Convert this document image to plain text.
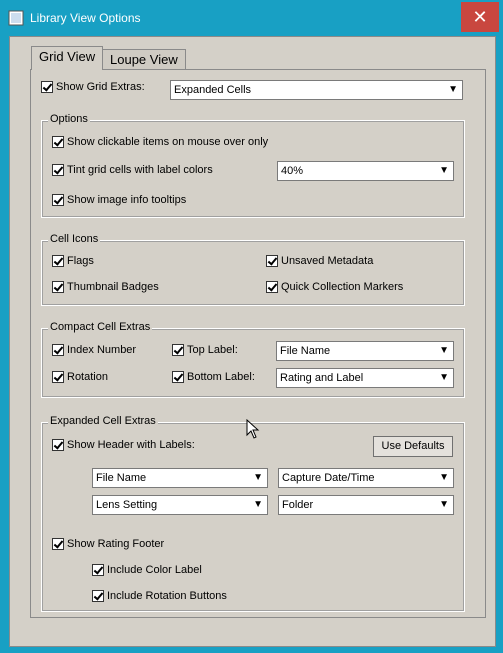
Library View Options	✕
Grid View	Loupe View
Show Grid Extras:	Expanded Cells	▼
Options
Show clickable items on mouse over only
Tint grid cells with label colors	40%	▼
Show image info tooltips
Cell Icons
Flags	Unsaved Metadata
Thumbnail Badges	Quick Collection Markers
Compact Cell Extras
Index Number	Top Label:	File Name	▼
Rotation	Bottom Label:	Rating and Label	▼
Expanded Cell Extras
Show Header with Labels:	Use Defaults
File Name	▼	Capture Date/Time	▼
Lens Setting	▼	Folder	▼
Show Rating Footer
Include Color Label
Include Rotation Buttons
